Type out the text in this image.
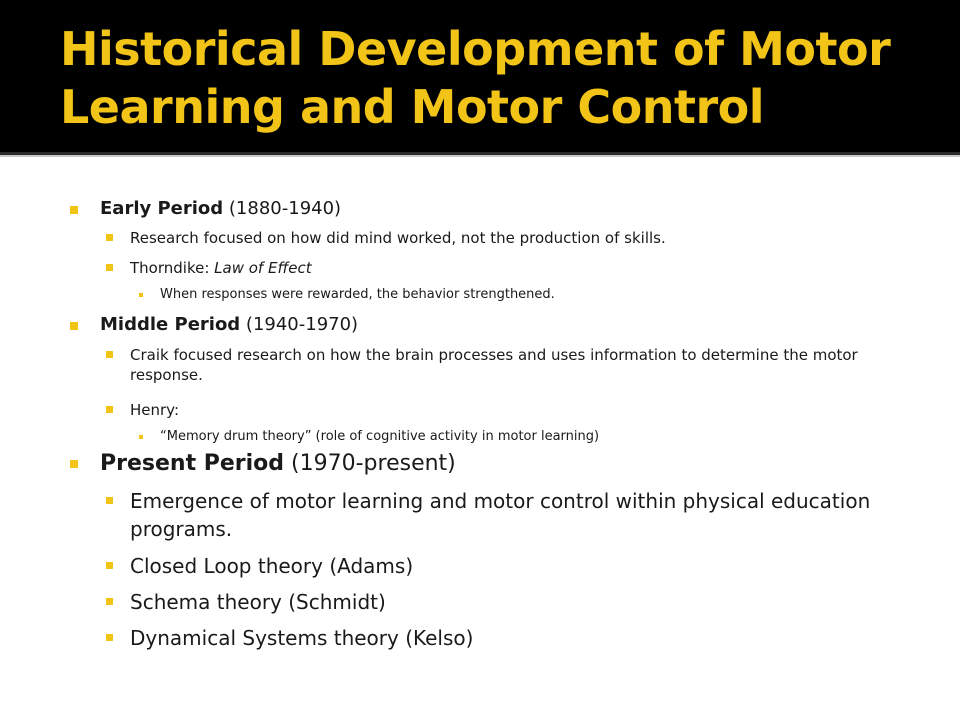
Historical Development of Motor Learning and Motor Control

Early Period (1880-1940)

Research focused on how did mind worked, not the production of skills.

Thorndike: Law of Effect

When responses were rewarded, the behavior strengthened.

Middle Period (1940-1970)

Craik focused research on how the brain processes and uses information to determine the motor response.

Henry:

“Memory drum theory” (role of cognitive activity in motor learning)

Present Period (1970-present)

Emergence of motor learning and motor control within physical education programs.

Closed Loop theory (Adams)

Schema theory (Schmidt)

Dynamical Systems theory (Kelso)
